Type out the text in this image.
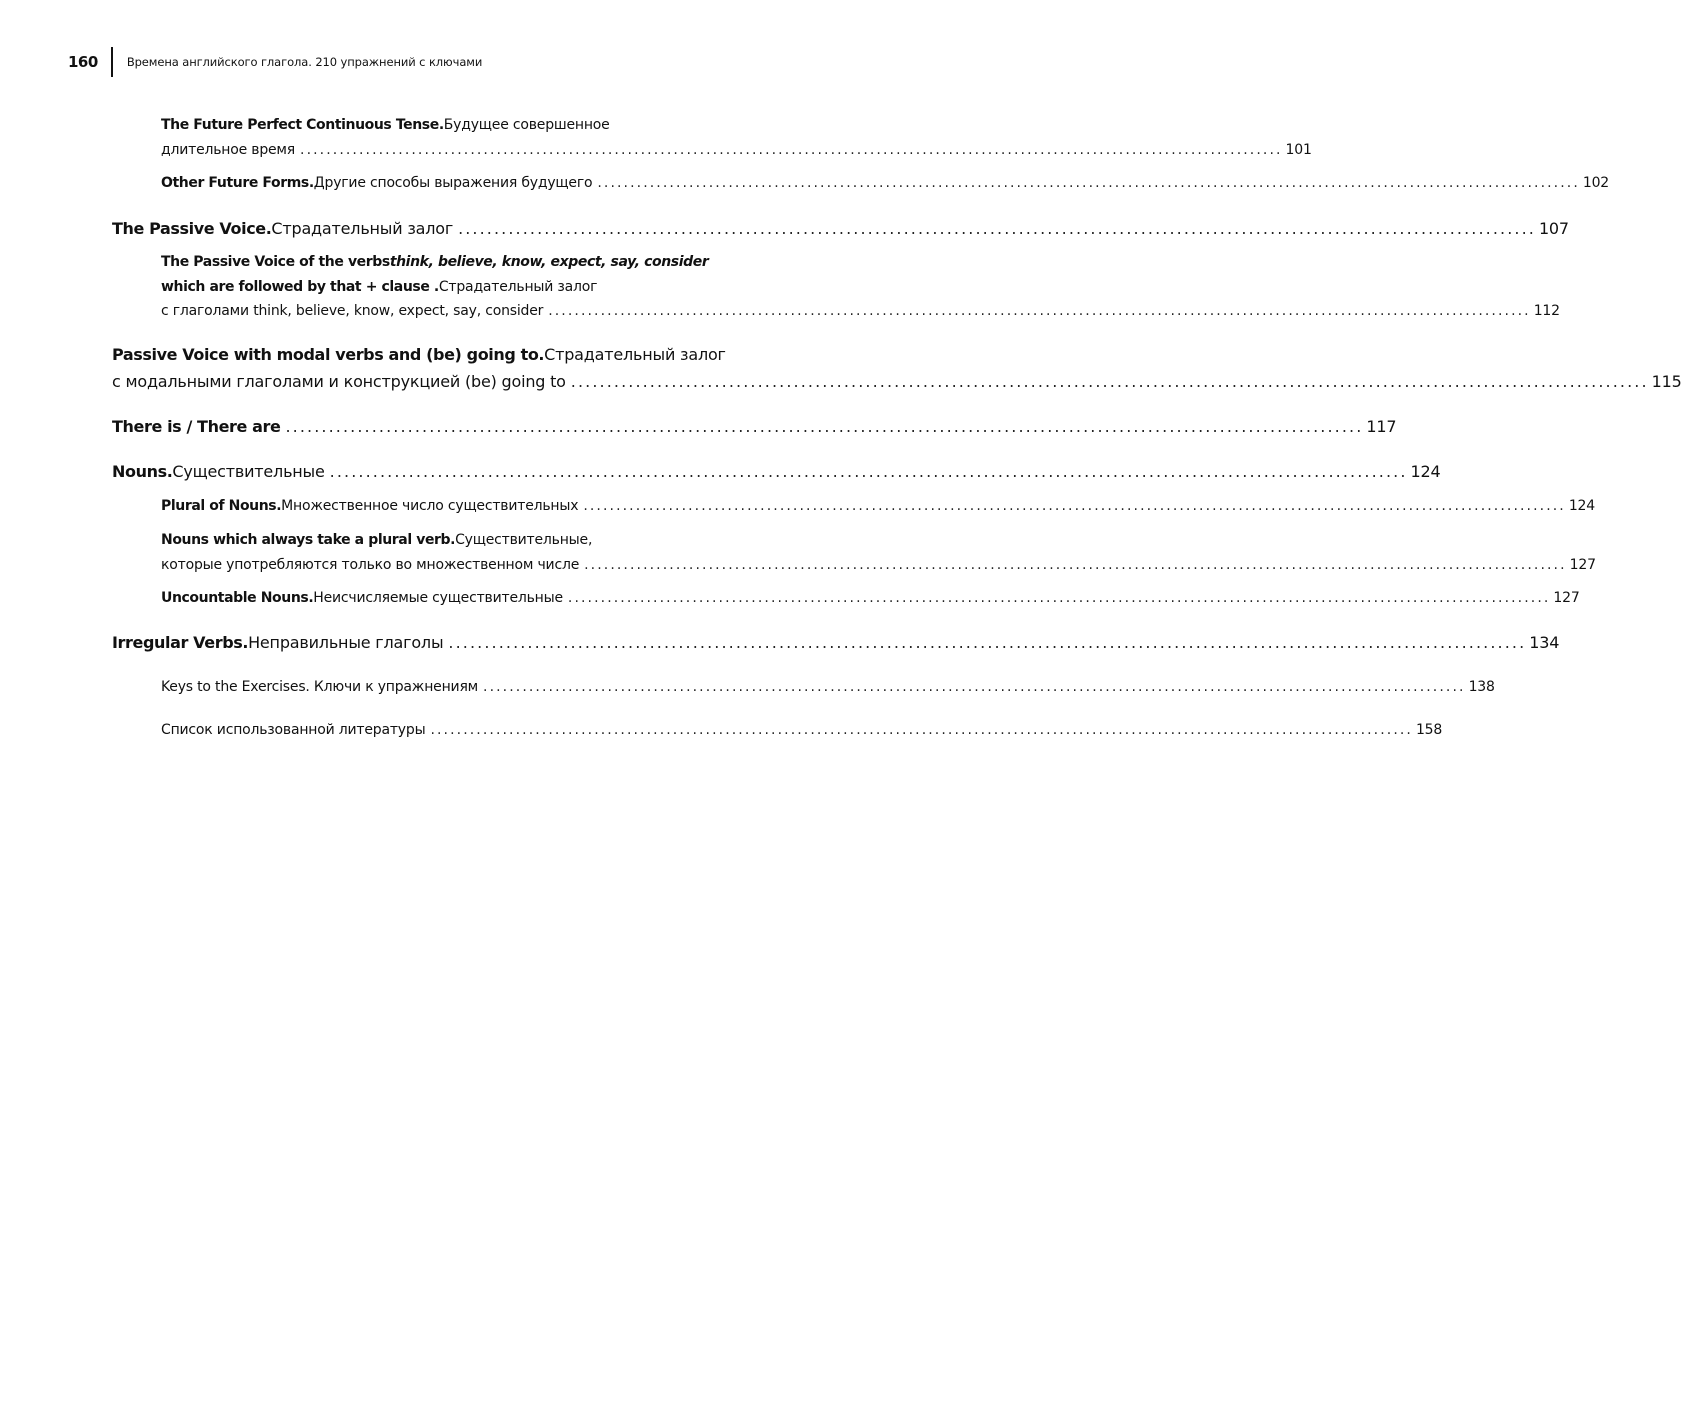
160	Времена английского глагола. 210 упражнений с ключами
The Future Perfect Continuous Tense. Будущее совершенное
длительное время ...................................................................................................................................................... 101
Other Future Forms. Другие способы выражения будущего ...................................................................................................................................................... 102
The Passive Voice. Страдательный залог ...................................................................................................................................................... 107
The Passive Voice of the verbs think, believe, know, expect, say, consider
which are followed by that + clause . Страдательный залог
с глаголами think, believe, know, expect, say, consider ...................................................................................................................................................... 112
Passive Voice with modal verbs and (be) going to. Страдательный залог
с модальными глаголами и конструкцией (be) going to ...................................................................................................................................................... 115
There is / There are ...................................................................................................................................................... 117
Nouns. Существительные ...................................................................................................................................................... 124
Plural of Nouns. Множественное число существительных ...................................................................................................................................................... 124
Nouns which always take a plural verb. Существительные,
которые употребляются только во множественном числе ...................................................................................................................................................... 127
Uncountable Nouns. Неисчисляемые существительные ...................................................................................................................................................... 127
Irregular Verbs. Неправильные глаголы ...................................................................................................................................................... 134
Keys to the Exercises. Ключи к упражнениям ...................................................................................................................................................... 138
Список использованной литературы ...................................................................................................................................................... 158
